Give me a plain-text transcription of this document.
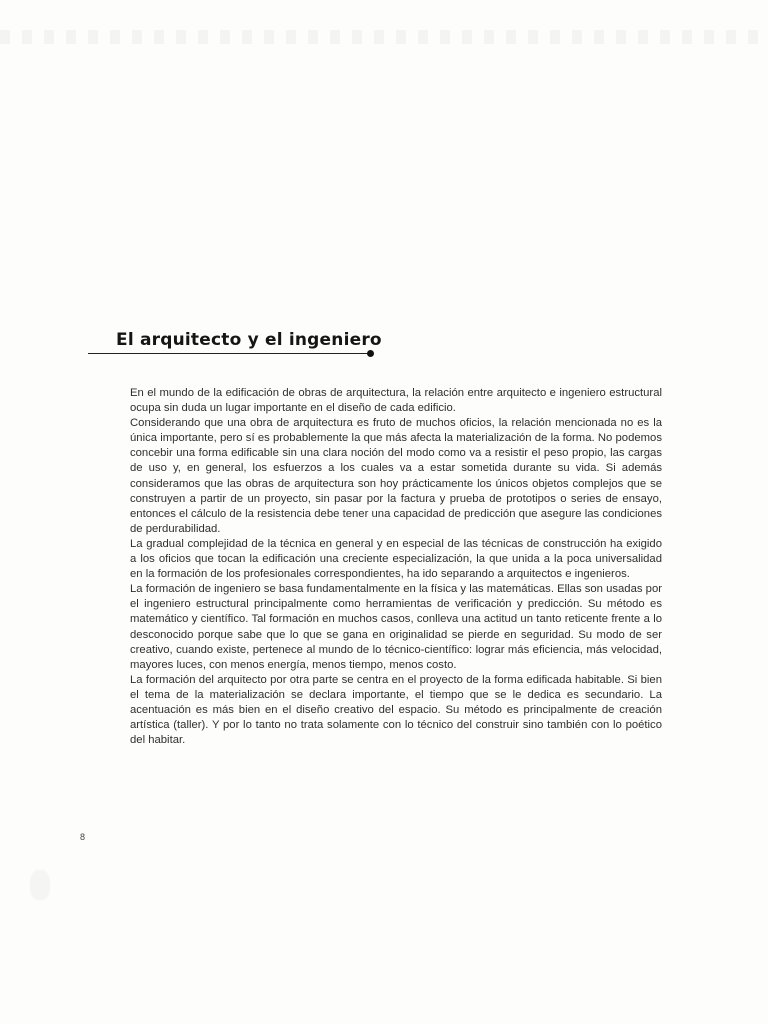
El arquitecto y el ingeniero

En el mundo de la edificación de obras de arquitectura, la relación entre arquitecto e ingeniero estructural ocupa sin duda un lugar importante en el diseño de cada edificio.

Considerando que una obra de arquitectura es fruto de muchos oficios, la relación mencionada no es la única importante, pero sí es probablemente la que más afecta la materialización de la forma. No podemos concebir una forma edificable sin una clara noción del modo como va a resistir el peso propio, las cargas de uso y, en general, los esfuerzos a los cuales va a estar sometida durante su vida. Si además consideramos que las obras de arquitectura son hoy prácticamente los únicos objetos complejos que se construyen a partir de un proyecto, sin pasar por la factura y prueba de prototipos o series de ensayo, entonces el cálculo de la resistencia debe tener una capacidad de predicción que asegure las condiciones de perdurabilidad.

La gradual complejidad de la técnica en general y en especial de las técnicas de construcción ha exigido a los oficios que tocan la edificación una creciente especialización, la que unida a la poca universalidad en la formación de los profesionales correspondientes, ha ido separando a arquitectos e ingenieros.

La formación de ingeniero se basa fundamentalmente en la física y las matemáticas. Ellas son usadas por el ingeniero estructural principalmente como herramientas de verificación y predicción. Su método es matemático y científico. Tal formación en muchos casos, conlleva una actitud un tanto reticente frente a lo desconocido porque sabe que lo que se gana en originalidad se pierde en seguridad. Su modo de ser creativo, cuando existe, pertenece al mundo de lo técnico-científico: lograr más eficiencia, más velocidad, mayores luces, con menos energía, menos tiempo, menos costo.

La formación del arquitecto por otra parte se centra en el proyecto de la forma edificada habitable. Si bien el tema de la materialización se declara importante, el tiempo que se le dedica es secundario. La acentuación es más bien en el diseño creativo del espacio. Su método es principalmente de creación artística (taller). Y por lo tanto no trata solamente con lo técnico del construir sino también con lo poético del habitar.

8
